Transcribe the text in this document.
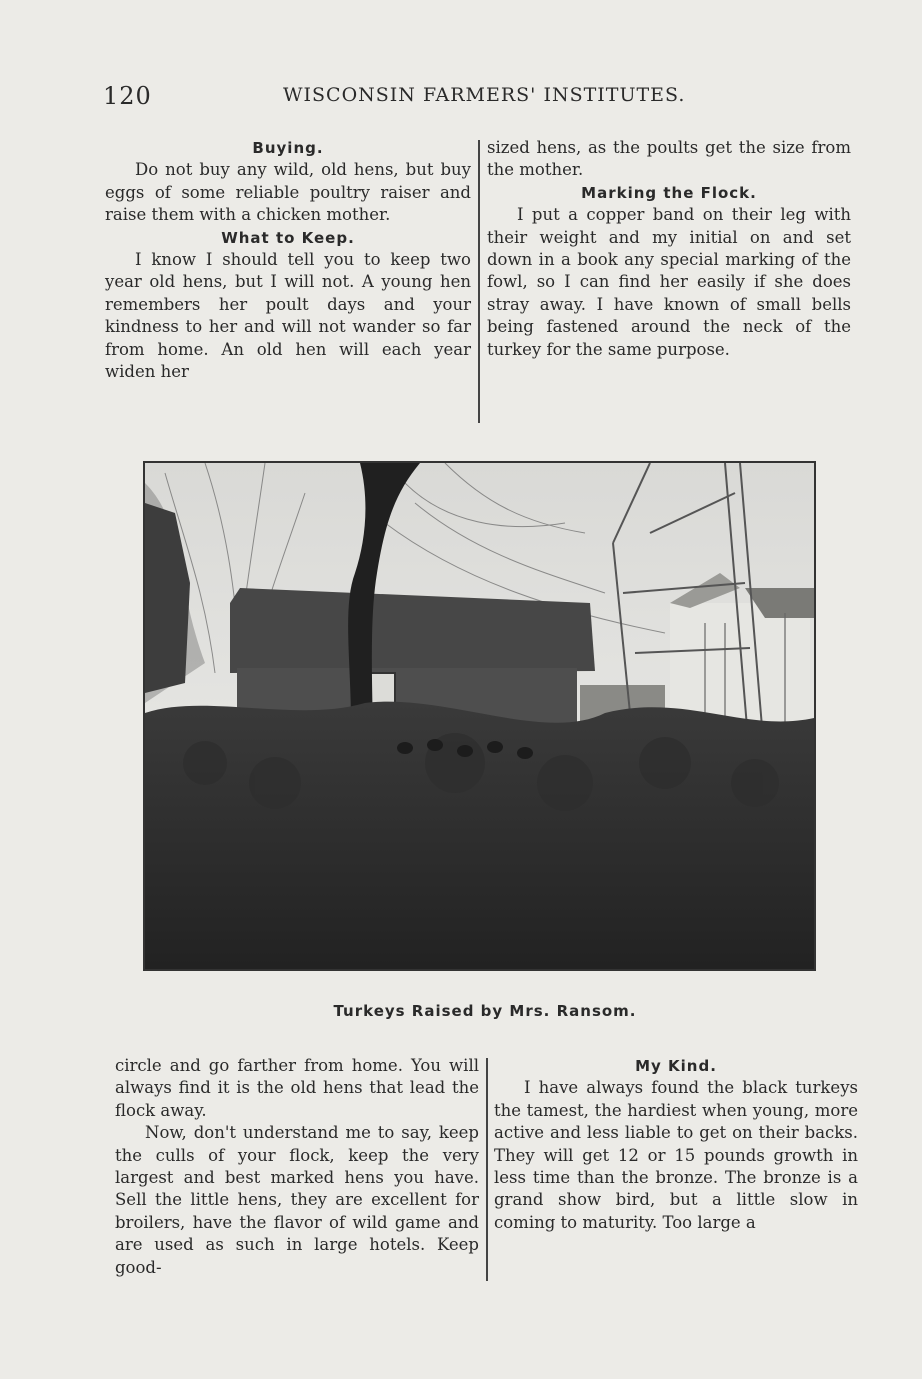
120	WISCONSIN FARMERS' INSTITUTES.

Buying.

Do not buy any wild, old hens, but buy eggs of some reliable poultry raiser and raise them with a chicken mother.

What to Keep.

I know I should tell you to keep two year old hens, but I will not. A young hen remembers her poult days and your kindness to her and will not wander so far from home. An old hen will each year widen her

sized hens, as the poults get the size from the mother.

Marking the Flock.

I put a copper band on their leg with their weight and my initial on and set down in a book any special marking of the fowl, so I can find her easily if she does stray away. I have known of small bells being fastened around the neck of the turkey for the same purpose.

Turkeys Raised by Mrs. Ransom.

circle and go farther from home. You will always find it is the old hens that lead the flock away.

Now, don't understand me to say, keep the culls of your flock, keep the very largest and best marked hens you have. Sell the little hens, they are excellent for broilers, have the flavor of wild game and are used as such in large hotels. Keep good-

My Kind.

I have always found the black turkeys the tamest, the hardiest when young, more active and less liable to get on their backs. They will get 12 or 15 pounds growth in less time than the bronze. The bronze is a grand show bird, but a little slow in coming to maturity. Too large a
